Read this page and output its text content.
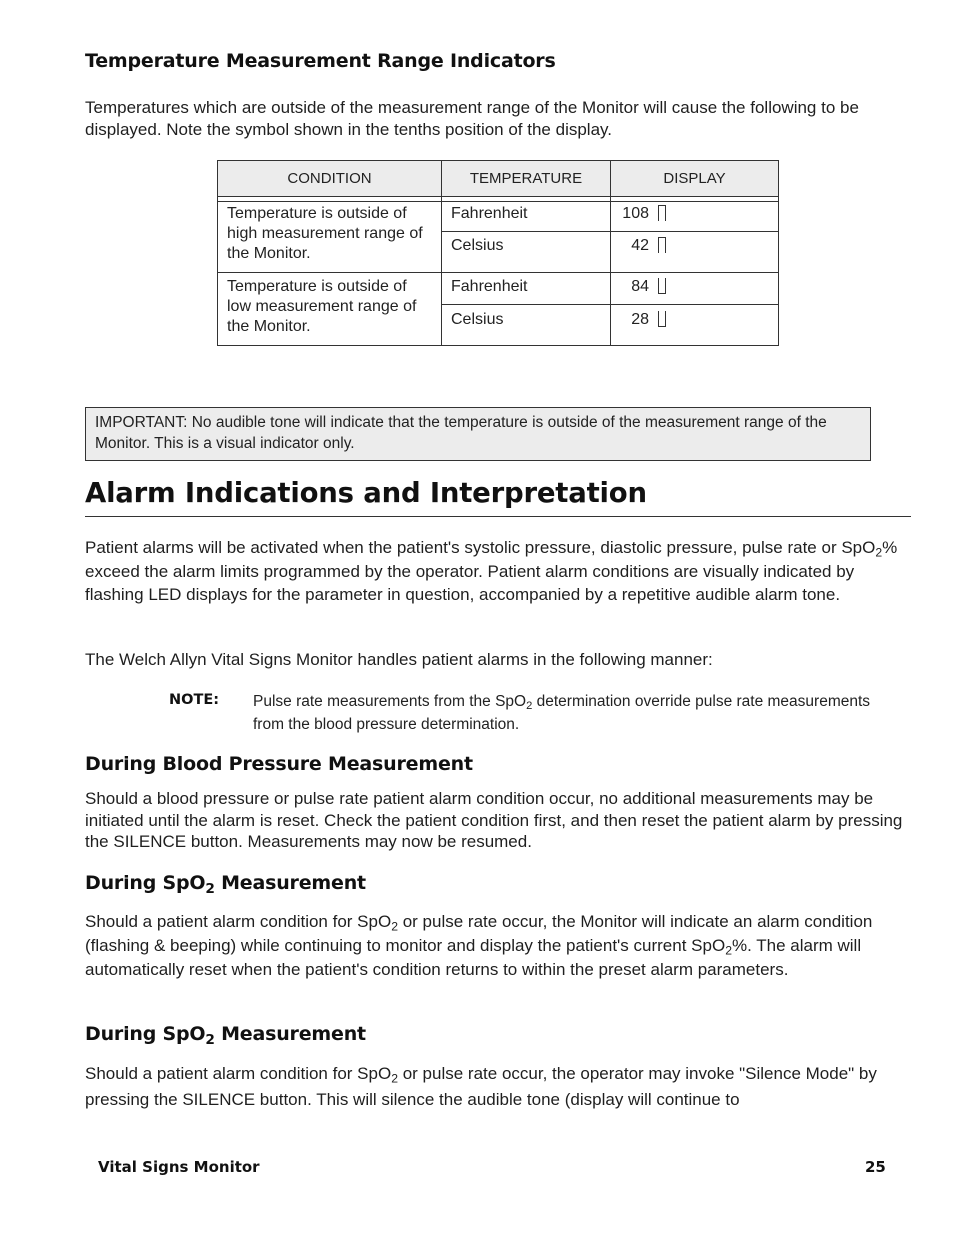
Temperature Measurement Range Indicators
Temperatures which are outside of the measurement range of the Monitor will cause the following to be displayed. Note the symbol shown in the tenths position of the display.
CONDITION	TEMPERATURE	DISPLAY
Temperature is outside of high measurement range of the Monitor.
Fahrenheit	108
Celsius	42
Temperature is outside of low measurement range of the Monitor.
Fahrenheit	84
Celsius	28
IMPORTANT: No audible tone will indicate that the temperature is outside of the measurement range of the Monitor. This is a visual indicator only.
Alarm Indications and Interpretation
Patient alarms will be activated when the patient's systolic pressure, diastolic pressure, pulse rate or SpO$_2$% exceed the alarm limits programmed by the operator. Patient alarm conditions are visually indicated by flashing LED displays for the parameter in question, accompanied by a repetitive audible alarm tone.
The Welch Allyn Vital Signs Monitor handles patient alarms in the following manner:
NOTE: Pulse rate measurements from the SpO$_2$ determination override pulse rate measurements from the blood pressure determination.
During Blood Pressure Measurement
Should a blood pressure or pulse rate patient alarm condition occur, no additional measurements may be initiated until the alarm is reset. Check the patient condition first, and then reset the patient alarm by pressing the SILENCE button. Measurements may now be resumed.
During SpO$_2$ Measurement
Should a patient alarm condition for SpO$_2$ or pulse rate occur, the Monitor will indicate an alarm condition (flashing & beeping) while continuing to monitor and display the patient's current SpO$_2$%. The alarm will automatically reset when the patient's condition returns to within the preset alarm parameters.
During SpO$_2$ Measurement
Should a patient alarm condition for SpO$_2$ or pulse rate occur, the operator may invoke "Silence Mode" by pressing the SILENCE button. This will silence the audible tone (display will continue to
Vital Signs Monitor	25
